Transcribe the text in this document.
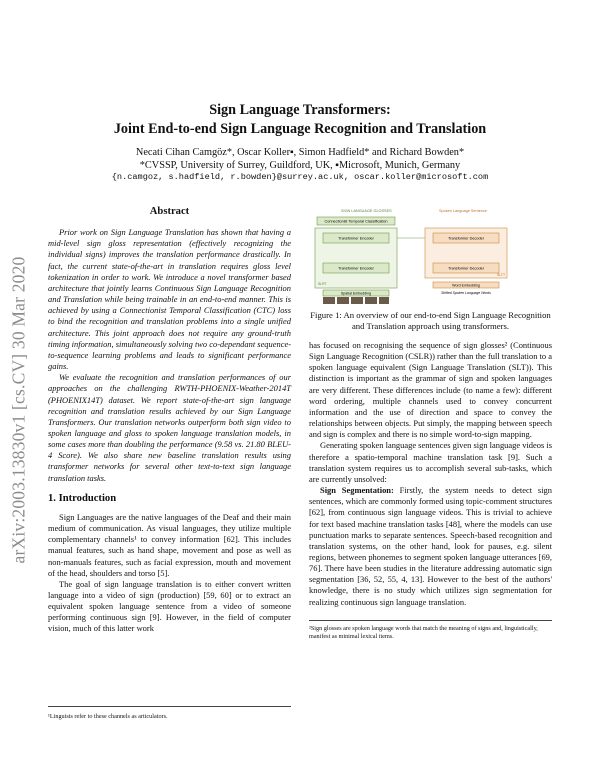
arXiv:2003.13830v1 [cs.CV] 30 Mar 2020
Sign Language Transformers:
Joint End-to-end Sign Language Recognition and Translation
Necati Cihan Camgöz*, Oscar Koller▪, Simon Hadfield* and Richard Bowden*
*CVSSP, University of Surrey, Guildford, UK, ▪Microsoft, Munich, Germany
{n.camgoz, s.hadfield, r.bowden}@surrey.ac.uk, oscar.koller@microsoft.com
Abstract

Prior work on Sign Language Translation has shown that having a mid-level sign gloss representation (effectively recognizing the individual signs) improves the translation performance drastically. In fact, the current state-of-the-art in translation requires gloss level tokenization in order to work. We introduce a novel transformer based architecture that jointly learns Continuous Sign Language Recognition and Translation while being trainable in an end-to-end manner. This is achieved by using a Connectionist Temporal Classification (CTC) loss to bind the recognition and translation problems into a single unified architecture. This joint approach does not require any ground-truth timing information, simultaneously solving two co-dependant sequence-to-sequence learning problems and leads to significant performance gains.

We evaluate the recognition and translation performances of our approaches on the challenging RWTH-PHOENIX-Weather-2014T (PHOENIX14T) dataset. We report state-of-the-art sign language recognition and translation results achieved by our Sign Language Transformers. Our translation networks outperform both sign video to spoken language and gloss to spoken language translation models, in some cases more than doubling the performance (9.58 vs. 21.80 BLEU-4 Score). We also share new baseline translation results using transformer networks for several other text-to-text sign language translation tasks.

1. Introduction

Sign Languages are the native languages of the Deaf and their main medium of communication. As visual languages, they utilize multiple complementary channels¹ to convey information [62]. This includes manual features, such as hand shape, movement and pose as well as non-manuals features, such as facial expression, mouth and movement of the head, shoulders and torso [5].

The goal of sign language translation is to either convert written language into a video of sign (production) [59, 60] or to extract an equivalent spoken language sentence from a video of someone performing continuous sign [9]. However, in the field of computer vision, much of this latter work

¹Linguists refer to these channels as articulators.
SIGN LANGUAGE GLOSSES
Connectionist Temporal Classification
Transformer Encoder
Transformer Encoder
SLRT
Spatial Embedding
Spoken Language Sentence
Transformer Decoder
Transformer Decoder
SLTT
Word Embedding
Shifted Spoken Language Words
Figure 1: An overview of our end-to-end Sign Language Recognition and Translation approach using transformers.

has focused on recognising the sequence of sign glosses² (Continuous Sign Language Recognition (CSLR)) rather than the full translation to a spoken language equivalent (Sign Language Translation (SLT)). This distinction is important as the grammar of sign and spoken languages are very different. These differences include (to name a few): different word ordering, multiple channels used to convey concurrent information and the use of direction and space to convey the relationships between objects. Put simply, the mapping between speech and sign is complex and there is no simple word-to-sign mapping.

Generating spoken language sentences given sign language videos is therefore a spatio-temporal machine translation task [9]. Such a translation system requires us to accomplish several sub-tasks, which are currently unsolved:

Sign Segmentation: Firstly, the system needs to detect sign sentences, which are commonly formed using topic-comment structures [62], from continuous sign language videos. This is trivial to achieve for text based machine translation tasks [48], where the models can use punctuation marks to separate sentences. Speech-based recognition and translation systems, on the other hand, look for pauses, e.g. silent regions, between phonemes to segment spoken language utterances [69, 76]. There have been studies in the literature addressing automatic sign segmentation [36, 52, 55, 4, 13]. However to the best of the authors' knowledge, there is no study which utilizes sign segmentation for realizing continuous sign language translation.

²Sign glosses are spoken language words that match the meaning of signs and, linguistically, manifest as minimal lexical items.
